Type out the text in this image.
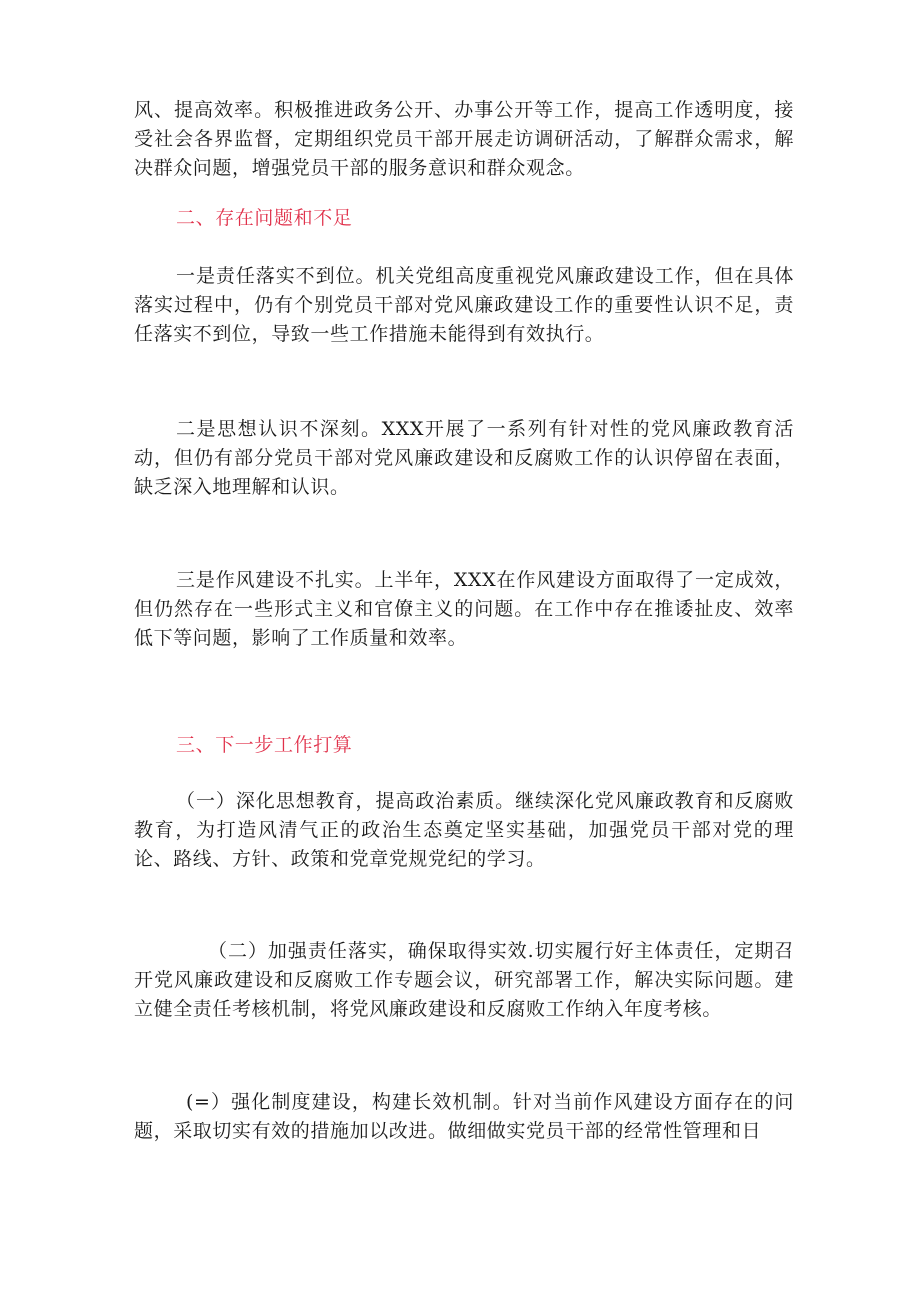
风、提高效率。积极推进政务公开、办事公开等工作，提高工作透明度，接受社会各界监督，定期组织党员干部开展走访调研活动，了解群众需求，解决群众问题，增强党员干部的服务意识和群众观念。

二、存在问题和不足

一是责任落实不到位。机关党组高度重视党风廉政建设工作，但在具体落实过程中，仍有个别党员干部对党风廉政建设工作的重要性认识不足，责任落实不到位，导致一些工作措施未能得到有效执行。

二是思想认识不深刻。XXX开展了一系列有针对性的党风廉政教育活动，但仍有部分党员干部对党风廉政建设和反腐败工作的认识停留在表面，缺乏深入地理解和认识。

三是作风建设不扎实。上半年，XXX在作风建设方面取得了一定成效，但仍然存在一些形式主义和官僚主义的问题。在工作中存在推诿扯皮、效率低下等问题，影响了工作质量和效率。

三、下一步工作打算

（一）深化思想教育，提高政治素质。继续深化党风廉政教育和反腐败教育，为打造风清气正的政治生态奠定坚实基础，加强党员干部对党的理论、路线、方针、政策和党章党规党纪的学习。

（二）加强责任落实，确保取得实效.切实履行好主体责任，定期召开党风廉政建设和反腐败工作专题会议，研究部署工作，解决实际问题。建立健全责任考核机制，将党风廉政建设和反腐败工作纳入年度考核。

(=）强化制度建设，构建长效机制。针对当前作风建设方面存在的问题，采取切实有效的措施加以改进。做细做实党员干部的经常性管理和日
